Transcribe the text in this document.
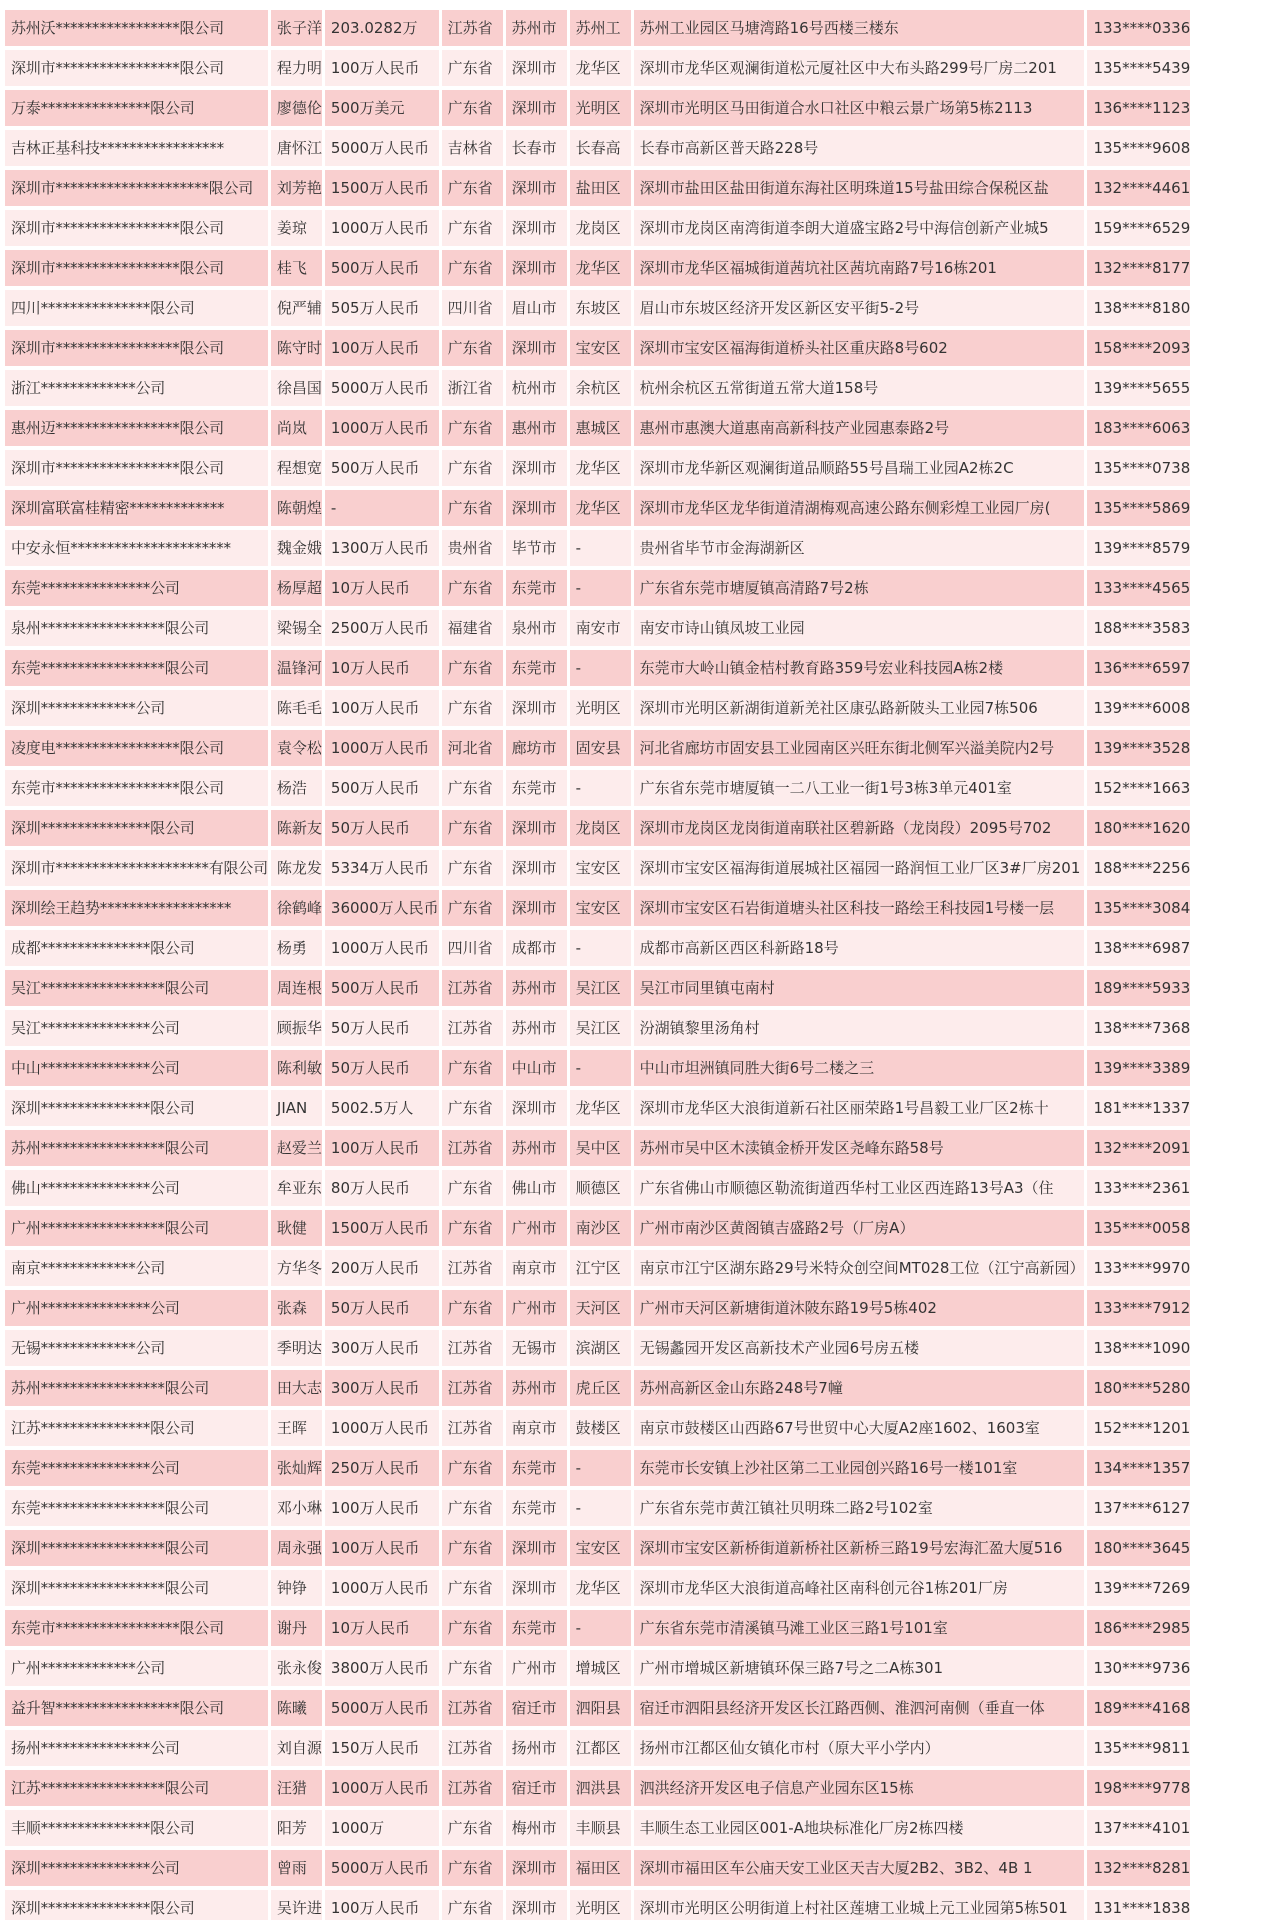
苏州沃*****************限公司	张子洋	203.0282万	江苏省	苏州市	苏州工	苏州工业园区马塘湾路16号西楼三楼东	133****0336
深圳市*****************限公司	程力明	100万人民币	广东省	深圳市	龙华区	深圳市龙华区观澜街道松元厦社区中大布头路299号厂房二201	135****5439
万泰***************限公司	廖德伦	500万美元	广东省	深圳市	光明区	深圳市光明区马田街道合水口社区中粮云景广场第5栋2113	136****1123
吉林正基科技*****************	唐怀江	5000万人民币	吉林省	长春市	长春高	长春市高新区普天路228号	135****9608
深圳市*********************限公司	刘芳艳	1500万人民币	广东省	深圳市	盐田区	深圳市盐田区盐田街道东海社区明珠道15号盐田综合保税区盐	132****4461
深圳市*****************限公司	姜琼	1000万人民币	广东省	深圳市	龙岗区	深圳市龙岗区南湾街道李朗大道盛宝路2号中海信创新产业城5	159****6529
深圳市*****************限公司	桂飞	500万人民币	广东省	深圳市	龙华区	深圳市龙华区福城街道茜坑社区茜坑南路7号16栋201	132****8177
四川***************限公司	倪严辅	505万人民币	四川省	眉山市	东坡区	眉山市东坡区经济开发区新区安平街5-2号	138****8180
深圳市*****************限公司	陈守时	100万人民币	广东省	深圳市	宝安区	深圳市宝安区福海街道桥头社区重庆路8号602	158****2093
浙江*************公司	徐昌国	5000万人民币	浙江省	杭州市	余杭区	杭州余杭区五常街道五常大道158号	139****5655
惠州迈*****************限公司	尚岚	1000万人民币	广东省	惠州市	惠城区	惠州市惠澳大道惠南高新科技产业园惠泰路2号	183****6063
深圳市*****************限公司	程想宽	500万人民币	广东省	深圳市	龙华区	深圳市龙华新区观澜街道品顺路55号昌瑞工业园A2栋2C	135****0738
深圳富联富桂精密*************	陈朝煌	-	广东省	深圳市	龙华区	深圳市龙华区龙华街道清湖梅观高速公路东侧彩煌工业园厂房(	135****5869
中安永恒**********************	魏金娥	1300万人民币	贵州省	毕节市	-	贵州省毕节市金海湖新区	139****8579
东莞***************公司	杨厚超	10万人民币	广东省	东莞市	-	广东省东莞市塘厦镇高清路7号2栋	133****4565
泉州*****************限公司	梁锡全	2500万人民币	福建省	泉州市	南安市	南安市诗山镇凤坡工业园	188****3583
东莞*****************限公司	温锋河	10万人民币	广东省	东莞市	-	东莞市大岭山镇金桔村教育路359号宏业科技园A栋2楼	136****6597
深圳*************公司	陈毛毛	100万人民币	广东省	深圳市	光明区	深圳市光明区新湖街道新羌社区康弘路新陂头工业园7栋506	139****6008
凌度电*****************限公司	袁令松	1000万人民币	河北省	廊坊市	固安县	河北省廊坊市固安县工业园南区兴旺东街北侧军兴溢美院内2号	139****3528
东莞市*****************限公司	杨浩	500万人民币	广东省	东莞市	-	广东省东莞市塘厦镇一二八工业一街1号3栋3单元401室	152****1663
深圳***************限公司	陈新友	50万人民币	广东省	深圳市	龙岗区	深圳市龙岗区龙岗街道南联社区碧新路（龙岗段）2095号702	180****1620
深圳市*********************有限公司	陈龙发	5334万人民币	广东省	深圳市	宝安区	深圳市宝安区福海街道展城社区福园一路润恒工业厂区3#厂房201	188****2256
深圳绘王趋势******************	徐鹤峰	36000万人民币	广东省	深圳市	宝安区	深圳市宝安区石岩街道塘头社区科技一路绘王科技园1号楼一层	135****3084
成都***************限公司	杨勇	1000万人民币	四川省	成都市	-	成都市高新区西区科新路18号	138****6987
吴江*****************限公司	周连根	500万人民币	江苏省	苏州市	吴江区	吴江市同里镇屯南村	189****5933
吴江***************公司	顾振华	50万人民币	江苏省	苏州市	吴江区	汾湖镇黎里汤角村	138****7368
中山***************公司	陈利敏	50万人民币	广东省	中山市	-	中山市坦洲镇同胜大街6号二楼之三	139****3389
深圳***************限公司	JIAN	5002.5万人	广东省	深圳市	龙华区	深圳市龙华区大浪街道新石社区丽荣路1号昌毅工业厂区2栋十	181****1337
苏州*****************限公司	赵爱兰	100万人民币	江苏省	苏州市	吴中区	苏州市吴中区木渎镇金桥开发区尧峰东路58号	132****2091
佛山***************公司	牟亚东	80万人民币	广东省	佛山市	顺德区	广东省佛山市顺德区勒流街道西华村工业区西连路13号A3（住	133****2361
广州*****************限公司	耿健	1500万人民币	广东省	广州市	南沙区	广州市南沙区黄阁镇吉盛路2号（厂房A）	135****0058
南京*************公司	方华冬	200万人民币	江苏省	南京市	江宁区	南京市江宁区湖东路29号米特众创空间MT028工位（江宁高新园）	133****9970
广州***************公司	张森	50万人民币	广东省	广州市	天河区	广州市天河区新塘街道沐陂东路19号5栋402	133****7912
无锡*************公司	季明达	300万人民币	江苏省	无锡市	滨湖区	无锡蠡园开发区高新技术产业园6号房五楼	138****1090
苏州*****************限公司	田大志	300万人民币	江苏省	苏州市	虎丘区	苏州高新区金山东路248号7幢	180****5280
江苏***************限公司	王晖	1000万人民币	江苏省	南京市	鼓楼区	南京市鼓楼区山西路67号世贸中心大厦A2座1602、1603室	152****1201
东莞***************公司	张灿辉	250万人民币	广东省	东莞市	-	东莞市长安镇上沙社区第二工业园创兴路16号一楼101室	134****1357
东莞*****************限公司	邓小琳	100万人民币	广东省	东莞市	-	广东省东莞市黄江镇社贝明珠二路2号102室	137****6127
深圳*****************限公司	周永强	100万人民币	广东省	深圳市	宝安区	深圳市宝安区新桥街道新桥社区新桥三路19号宏海汇盈大厦516	180****3645
深圳*****************限公司	钟铮	1000万人民币	广东省	深圳市	龙华区	深圳市龙华区大浪街道高峰社区南科创元谷1栋201厂房	139****7269
东莞市*****************限公司	谢丹	10万人民币	广东省	东莞市	-	广东省东莞市清溪镇马滩工业区三路1号101室	186****2985
广州*************公司	张永俊	3800万人民币	广东省	广州市	增城区	广州市增城区新塘镇环保三路7号之二A栋301	130****9736
益升智*****************限公司	陈曦	5000万人民币	江苏省	宿迁市	泗阳县	宿迁市泗阳县经济开发区长江路西侧、淮泗河南侧（垂直一体	189****4168
扬州***************公司	刘自源	150万人民币	江苏省	扬州市	江都区	扬州市江都区仙女镇化市村（原大平小学内）	135****9811
江苏*****************限公司	汪猎	1000万人民币	江苏省	宿迁市	泗洪县	泗洪经济开发区电子信息产业园东区15栋	198****9778
丰顺***************限公司	阳芳	1000万	广东省	梅州市	丰顺县	丰顺生态工业园区001-A地块标准化厂房2栋四楼	137****4101
深圳***************公司	曾雨	5000万人民币	广东省	深圳市	福田区	深圳市福田区车公庙天安工业区天吉大厦2B2、3B2、4B 1	132****8281
深圳***************限公司	吴许进	100万人民币	广东省	深圳市	光明区	深圳市光明区公明街道上村社区莲塘工业城上元工业园第5栋501	131****1838
